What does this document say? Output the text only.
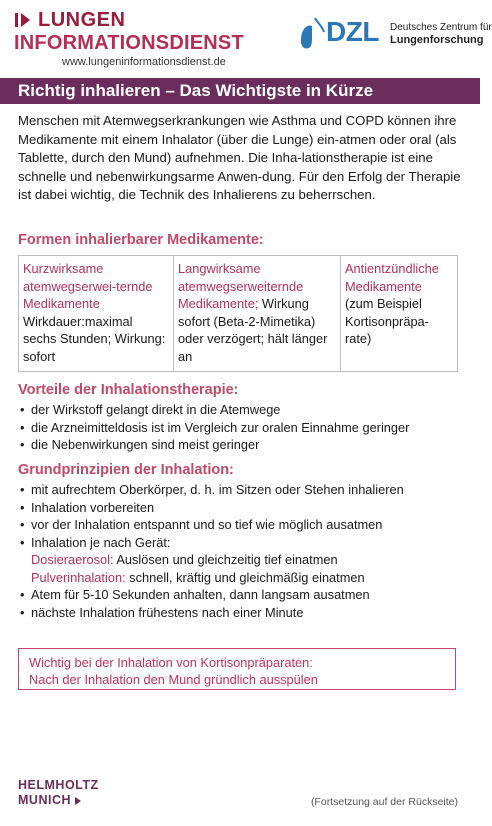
LUNGEN
INFORMATIONSDIENST
www.lungeninformationsdienst.de
DZL Deutsches Zentrum für
Lungenforschung
Richtig inhalieren – Das Wichtigste in Kürze

Menschen mit Atemwegserkrankungen wie Asthma und COPD können ihre Medikamente mit einem Inhalator (über die Lunge) ein-atmen oder oral (als Tablette, durch den Mund) aufnehmen. Die Inha-lationstherapie ist eine schnelle und nebenwirkungsarme Anwen-dung. Für den Erfolg der Therapie ist dabei wichtig, die Technik des Inhalierens zu beherrschen.

Formen inhalierbarer Medikamente:
Kurzwirksame atemwegserwei-ternde Medikamente Wirkdauer:maximal sechs Stunden; Wirkung: sofort	Langwirksame atemwegserweiternde Medikamente; Wirkung sofort (Beta-2-Mimetika) oder verzögert; hält länger an	Antientzündliche Medikamente (zum Beispiel Kortisonpräpa-rate)
Vorteile der Inhalationstherapie:
• der Wirkstoff gelangt direkt in die Atemwege
• die Arzneimitteldosis ist im Vergleich zur oralen Einnahme geringer
• die Nebenwirkungen sind meist geringer
Grundprinzipien der Inhalation:
• mit aufrechtem Oberkörper, d. h. im Sitzen oder Stehen inhalieren
• Inhalation vorbereiten
• vor der Inhalation entspannt und so tief wie möglich ausatmen
• Inhalation je nach Gerät:
Dosieraerosol: Auslösen und gleichzeitig tief einatmen
Pulverinhalation: schnell, kräftig und gleichmäßig einatmen
• Atem für 5-10 Sekunden anhalten, dann langsam ausatmen
• nächste Inhalation frühestens nach einer Minute
Wichtig bei der Inhalation von Kortisonpräparaten:
Nach der Inhalation den Mund gründlich ausspülen
HELMHOLTZ
MUNICH	(Fortsetzung auf der Rückseite)
